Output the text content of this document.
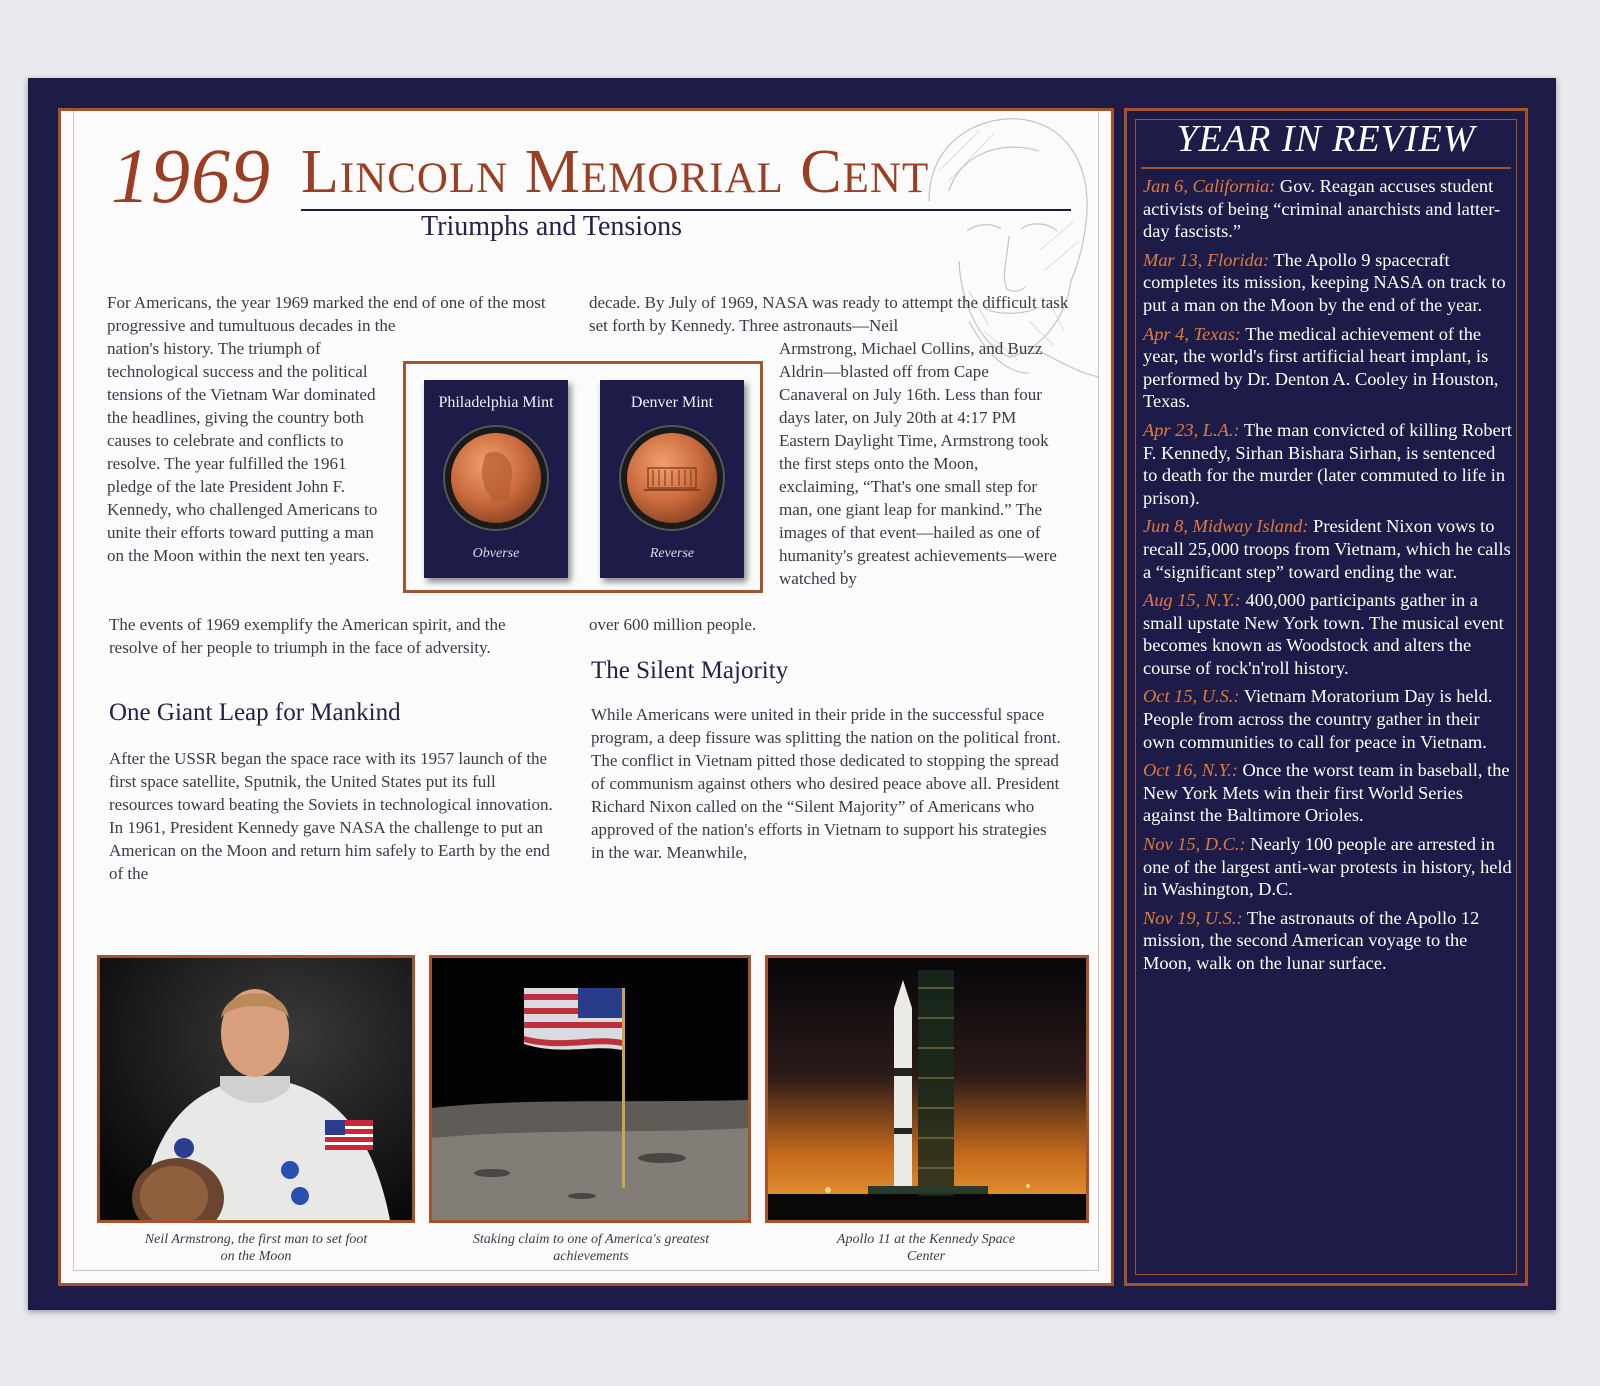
1969 Lincoln Memorial Cent
Triumphs and Tensions
For Americans, the year 1969 marked the end of one of the most progressive and tumultuous decades in the
nation's history. The triumph of technological success and the political tensions of the Vietnam War dominated the headlines, giving the country both causes to celebrate and conflicts to resolve. The year fulfilled the 1961 pledge of the late President John F. Kennedy, who challenged Americans to unite their efforts toward putting a man on the Moon within the next ten years.
The events of 1969 exemplify the American spirit, and the resolve of her people to triumph in the face of adversity.
Philadelphia Mint
Obverse
Denver Mint
Reverse
One Giant Leap for Mankind
After the USSR began the space race with its 1957 launch of the first space satellite, Sputnik, the United States put its full resources toward beating the Soviets in technological innovation. In 1961, President Kennedy gave NASA the challenge to put an American on the Moon and return him safely to Earth by the end of the
decade. By July of 1969, NASA was ready to attempt the difficult task set forth by Kennedy. Three astronauts—Neil
Armstrong, Michael Collins, and Buzz Aldrin—blasted off from Cape Canaveral on July 16th. Less than four days later, on July 20th at 4:17 PM Eastern Daylight Time, Armstrong took the first steps onto the Moon, exclaiming, “That's one small step for man, one giant leap for mankind.” The images of that event—hailed as one of humanity's greatest achievements—were watched by
over 600 million people.
The Silent Majority
While Americans were united in their pride in the successful space program, a deep fissure was splitting the nation on the political front. The conflict in Vietnam pitted those dedicated to stopping the spread of communism against others who desired peace above all. President Richard Nixon called on the “Silent Majority” of Americans who approved of the nation's efforts in Vietnam to support his strategies in the war. Meanwhile,
Neil Armstrong, the first man to set foot on the Moon
Staking claim to one of America's greatest achievements
Apollo 11 at the Kennedy Space Center
YEAR IN REVIEW
Jan 6, California: Gov. Reagan accuses student activists of being “criminal anarchists and latter-day fascists.”
Mar 13, Florida: The Apollo 9 spacecraft completes its mission, keeping NASA on track to put a man on the Moon by the end of the year.
Apr 4, Texas: The medical achievement of the year, the world's first artificial heart implant, is performed by Dr. Denton A. Cooley in Houston, Texas.
Apr 23, L.A.: The man convicted of killing Robert F. Kennedy, Sirhan Bishara Sirhan, is sentenced to death for the murder (later commuted to life in prison).
Jun 8, Midway Island: President Nixon vows to recall 25,000 troops from Vietnam, which he calls a “significant step” toward ending the war.
Aug 15, N.Y.: 400,000 participants gather in a small upstate New York town. The musical event becomes known as Woodstock and alters the course of rock'n'roll history.
Oct 15, U.S.: Vietnam Moratorium Day is held. People from across the country gather in their own communities to call for peace in Vietnam.
Oct 16, N.Y.: Once the worst team in baseball, the New York Mets win their first World Series against the Baltimore Orioles.
Nov 15, D.C.: Nearly 100 people are arrested in one of the largest anti-war protests in history, held in Washington, D.C.
Nov 19, U.S.: The astronauts of the Apollo 12 mission, the second American voyage to the Moon, walk on the lunar surface.
